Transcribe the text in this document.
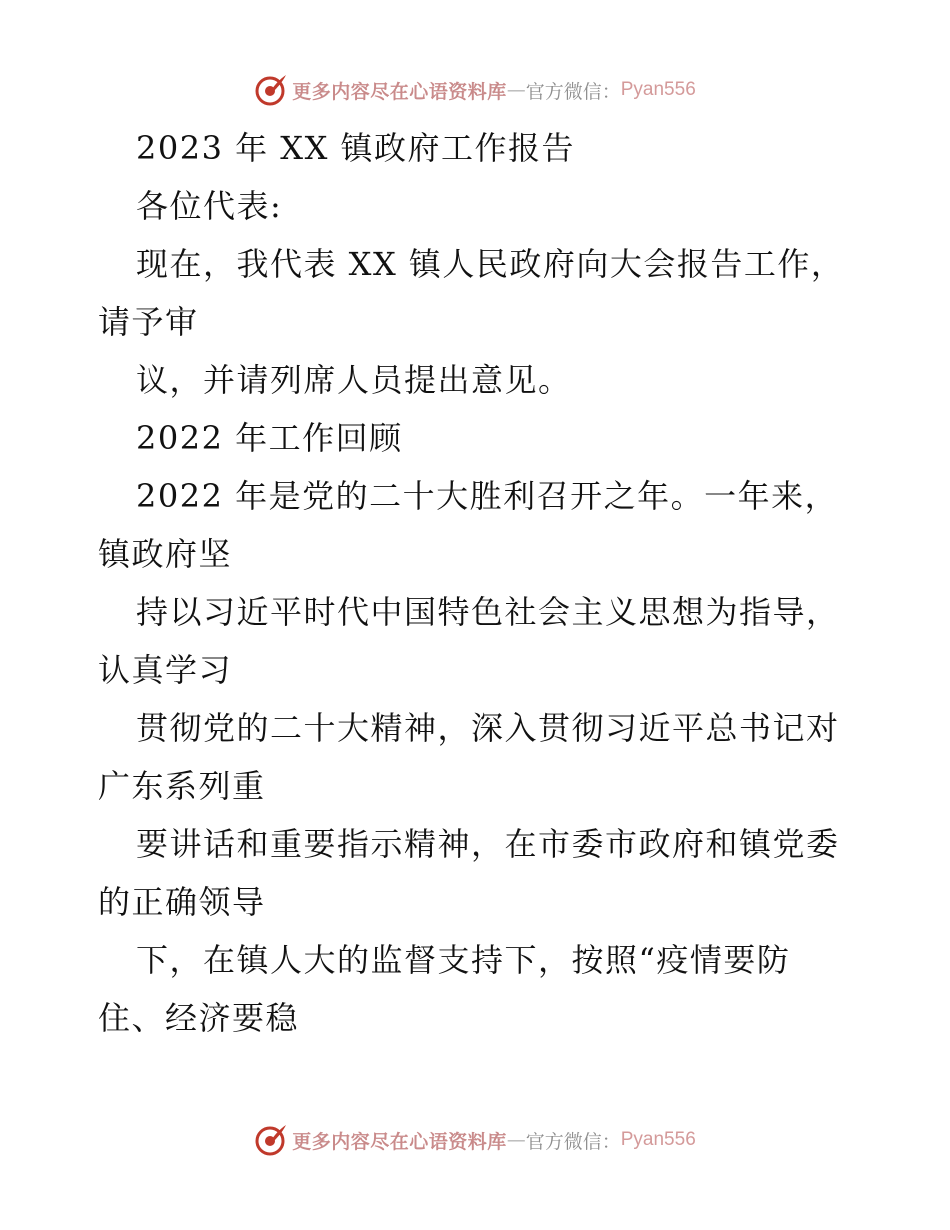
更多内容尽在心语资料库 — 官方微信： Pyan556
2023 年 XX 镇政府工作报告
各位代表:
现在，我代表 XX 镇人民政府向大会报告工作，
请予审
议，并请列席人员提出意见。
2022 年工作回顾
2022 年是党的二十大胜利召开之年。一年来，
镇政府坚
持以习近平时代中国特色社会主义思想为指导，
认真学习
贯彻党的二十大精神，深入贯彻习近平总书记对
广东系列重
要讲话和重要指示精神，在市委市政府和镇党委
的正确领导
下，在镇人大的监督支持下，按照“疫情要防
住、经济要稳
更多内容尽在心语资料库 — 官方微信： Pyan556
